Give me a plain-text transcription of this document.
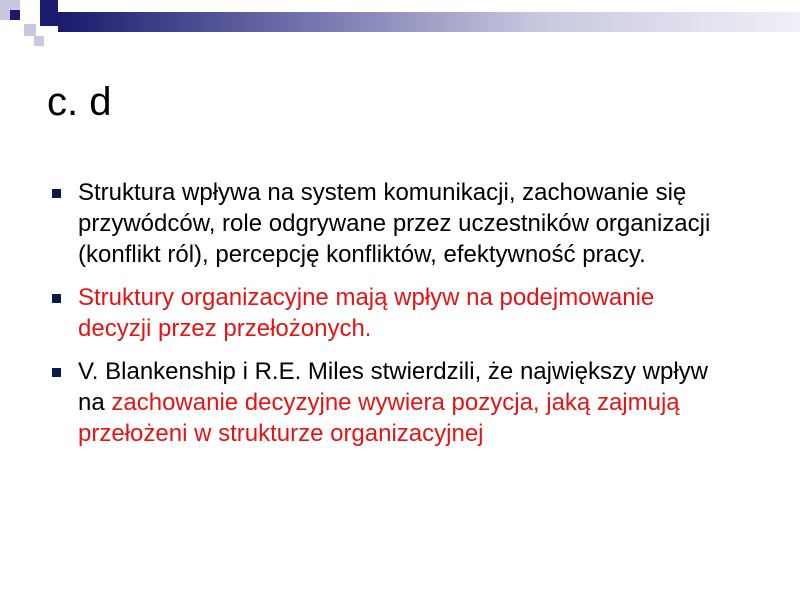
c. d
Struktura wpływa na system komunikacji, zachowanie się przywódców, role odgrywane przez uczestników organizacji (konflikt ról), percepcję konfliktów, efektywność pracy.
Struktury organizacyjne mają wpływ na podejmowanie decyzji przez przełożonych.
V. Blankenship i R.E. Miles stwierdzili, że największy wpływ na zachowanie decyzyjne wywiera pozycja, jaką zajmują przełożeni w strukturze organizacyjnej
